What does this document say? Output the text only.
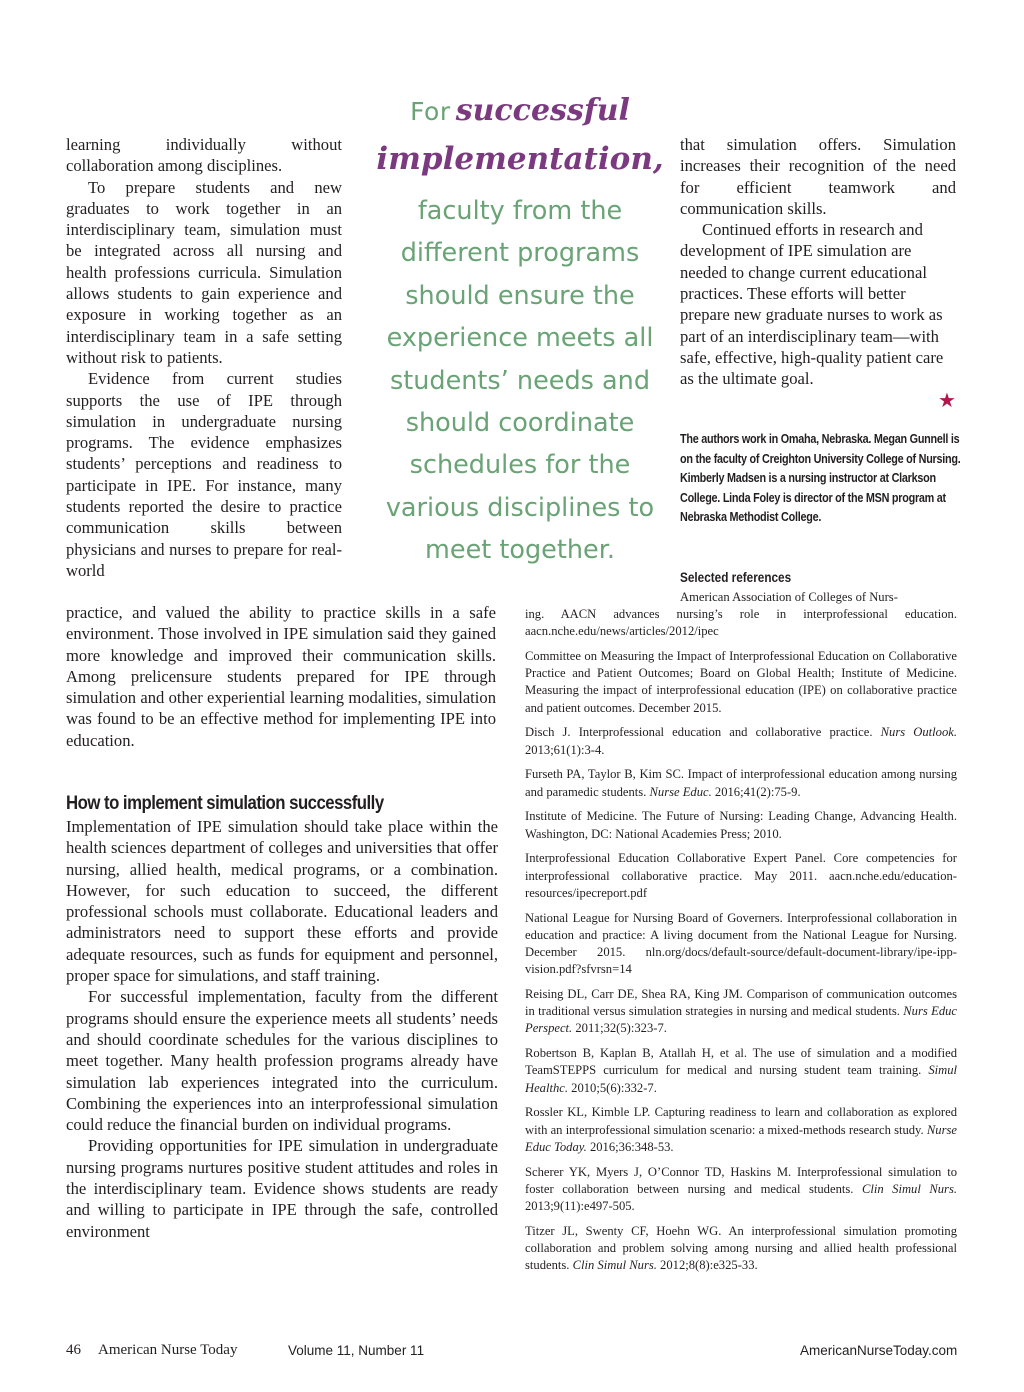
learning individually without collaboration among disciplines.

To prepare students and new graduates to work together in an interdisciplinary team, simulation must be integrated across all nursing and health professions curricula. Simulation allows students to gain experience and exposure in working together as an interdisciplinary team in a safe setting without risk to patients.

Evidence from current studies supports the use of IPE through simulation in undergraduate nursing programs. The evidence emphasizes students’ perceptions and readiness to participate in IPE. For instance, many students reported the desire to practice communication skills between physicians and nurses to prepare for real-world

practice, and valued the ability to practice skills in a safe environment. Those involved in IPE simulation said they gained more knowledge and improved their communication skills. Among prelicensure students prepared for IPE through simulation and other experiential learning modalities, simulation was found to be an effective method for implementing IPE into education.

How to implement simulation successfully

Implementation of IPE simulation should take place within the health sciences department of colleges and universities that offer nursing, allied health, medical programs, or a combination. However, for such education to succeed, the different professional schools must collaborate. Educational leaders and administrators need to support these efforts and provide adequate resources, such as funds for equipment and personnel, proper space for simulations, and staff training.

For successful implementation, faculty from the different programs should ensure the experience meets all students’ needs and should coordinate schedules for the various disciplines to meet together. Many health profession programs already have simulation lab experiences integrated into the curriculum. Combining the experiences into an interprofessional simulation could reduce the financial burden on individual programs.

Providing opportunities for IPE simulation in undergraduate nursing programs nurtures positive student attitudes and roles in the interdisciplinary team. Evidence shows students are ready and willing to participate in IPE through the safe, controlled environment

For successful
implementation,
faculty from the
different programs
should ensure the
experience meets all
students’ needs and
should coordinate
schedules for the
various disciplines to
meet together.

that simulation offers. Simulation increases their recognition of the need for efficient teamwork and communication skills.

Continued efforts in research and development of IPE simulation are needed to change current educational practices. These efforts will better prepare new graduate nurses to work as part of an interdisciplinary team—with safe, effective, high-quality patient care as the ultimate goal.

★
The authors work in Omaha, Nebraska. Megan Gunnell is on the faculty of Creighton University College of Nursing. Kimberly Madsen is a nursing instructor at Clarkson College. Linda Foley is director of the MSN program at Nebraska Methodist College.
Selected references
American Association of Colleges of Nurs-

ing. AACN advances nursing’s role in interprofessional education. aacn.nche.edu/news/articles/2012/ipec

Committee on Measuring the Impact of Interprofessional Education on Collaborative Practice and Patient Outcomes; Board on Global Health; Institute of Medicine. Measuring the impact of interprofessional education (IPE) on collaborative practice and patient outcomes. December 2015.

Disch J. Interprofessional education and collaborative practice. Nurs Outlook. 2013;61(1):3-4.

Furseth PA, Taylor B, Kim SC. Impact of interprofessional education among nursing and paramedic students. Nurse Educ. 2016;41(2):75-9.

Institute of Medicine. The Future of Nursing: Leading Change, Advancing Health. Washington, DC: National Academies Press; 2010.

Interprofessional Education Collaborative Expert Panel. Core competencies for interprofessional collaborative practice. May 2011. aacn.nche.edu/education-resources/ipecreport.pdf

National League for Nursing Board of Governers. Interprofessional collaboration in education and practice: A living document from the National League for Nursing. December 2015. nln.org/docs/default-source/default-document-library/ipe-ipp-vision.pdf?sfvrsn=14

Reising DL, Carr DE, Shea RA, King JM. Comparison of communication outcomes in traditional versus simulation strategies in nursing and medical students. Nurs Educ Perspect. 2011;32(5):323-7.

Robertson B, Kaplan B, Atallah H, et al. The use of simulation and a modified TeamSTEPPS curriculum for medical and nursing student team training. Simul Healthc. 2010;5(6):332-7.

Rossler KL, Kimble LP. Capturing readiness to learn and collaboration as explored with an interprofessional simulation scenario: a mixed-methods research study. Nurse Educ Today. 2016;36:348-53.

Scherer YK, Myers J, O’Connor TD, Haskins M. Interprofessional simulation to foster collaboration between nursing and medical students. Clin Simul Nurs. 2013;9(11):e497-505.

Titzer JL, Swenty CF, Hoehn WG. An interprofessional simulation promoting collaboration and problem solving among nursing and allied health professional students. Clin Simul Nurs. 2012;8(8):e325-33.

46 American Nurse Today	Volume 11, Number 11	AmericanNurseToday.com
